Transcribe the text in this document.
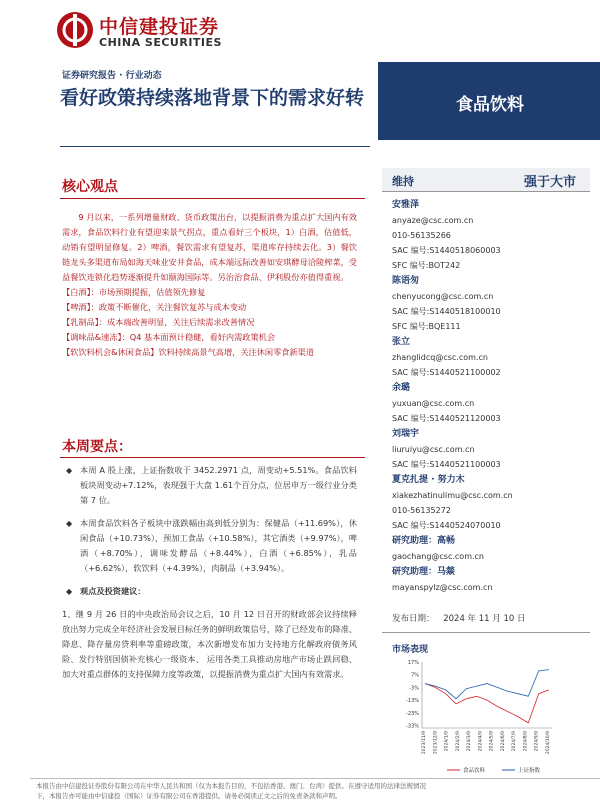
中信建投证券
CHINA SECURITIES
证券研究报告 · 行业动态
看好政策持续落地背景下的需求好转	食品饮料
核心观点
9 月以来，一系列增量财政、货币政策出台，以提振消费为重点扩大国内有效需求，食品饮料行业有望迎来景气拐点，重点看好三个板块，1）白酒，估值低，动销有望明显修复。2）啤酒，餐饮需求有望复苏，渠道库存持续去化。3）餐饮链龙头多渠道布局如海天味业安井食品，成本端远际改善如安琪酵母洽陵榨菜，受益餐饮连锁化趋势逐渐提升如颐海国际等。另治治食品、伊利股份亦值得重视。
【白酒】：市场预期提振，估值领先修复
【啤酒】：政策不断催化，关注餐饮复苏与成本变动
【乳制品】：成本端改善明显，关注后续需求改善情况
【调味品&速冻】：Q4 基本面预计稳健，看好内需政策机会
【软饮料机会&休闲食品】饮料持续高景气高增，关注休闲零食新渠道
本周要点：
◆ 本周 A 股上涨，上证指数收于 3452.2971 点，周变动+5.51%。食品饮料板块周变动+7.12%，表现强于大盘 1.61个百分点，位居申万一级行业分类第 7 位。
◆ 本周食品饮料各子板块中涨跌幅由高到低分别为：保健品（+11.69%），休闲食品（+10.73%），预加工食品（+10.58%），其它酒类（+9.97%），啤酒（+8.70%），调味发酵品（+8.44%），白酒（+6.85%），乳品（+6.62%），软饮料（+4.39%），肉制品（+3.94%）。
◆ 观点及投资建议：
1、继 9 月 26 日的中央政治局会议之后，10 月 12 日召开的财政部会议持续释放出努力完成全年经济社会发展目标任务的鲜明政策信号，除了已经发布的降准、降息、降存量房贷利率等重磅政策，本次新增发布加力支持地方化解政府债务风险、发行特别国债补充核心一级资本、 运用各类工具推动房地产市场止跌回稳、加大对重点群体的支持保障力度等政策，以提振消费为重点扩大国内有效需求。
维持	强于大市
安雅泽
anyaze@csc.com.cn
010-56135266
SAC 编号:S1440518060003
SFC 编号:BOT242
陈语匆
chenyucong@csc.com.cn
SAC 编号:S1440518100010
SFC 编号:BQE111
张立
zhanglidcq@csc.com.cn
SAC 编号:S1440521100002
余璐
yuxuan@csc.com.cn
SAC 编号:S1440521120003
刘瑞宇
liuruiyu@csc.com.cn
SAC 编号:S1440521100003
夏克扎提 · 努力木
xiakezhatinulimu@csc.com.cn
010-56135272
SAC 编号:S1440524070010
研究助理：高畅
gaochang@csc.com.cn
研究助理：马燚
mayanspylz@csc.com.cn
发布日期： 2024 年 11 月 10 日
市场表现
17%
7%
-3%
-13%
-23%
-33%
2023/11/9 2023/12/9 2024/1/9 2024/2/9 2024/3/9 2024/4/9 2024/5/9 2024/6/9 2024/7/9 2024/8/9 2024/9/9 2024/10/9
食品饮料	上证指数
本报告由中信建投证券股份有限公司在中华人民共和国（仅为本报告目的，不包括香港、澳门、台湾）提供。在遵守适用的法律法规情况
下，本报告亦可能由中信建投（国际）证券有限公司在香港提供。请务必阅读正文之后的免责条款和声明。
